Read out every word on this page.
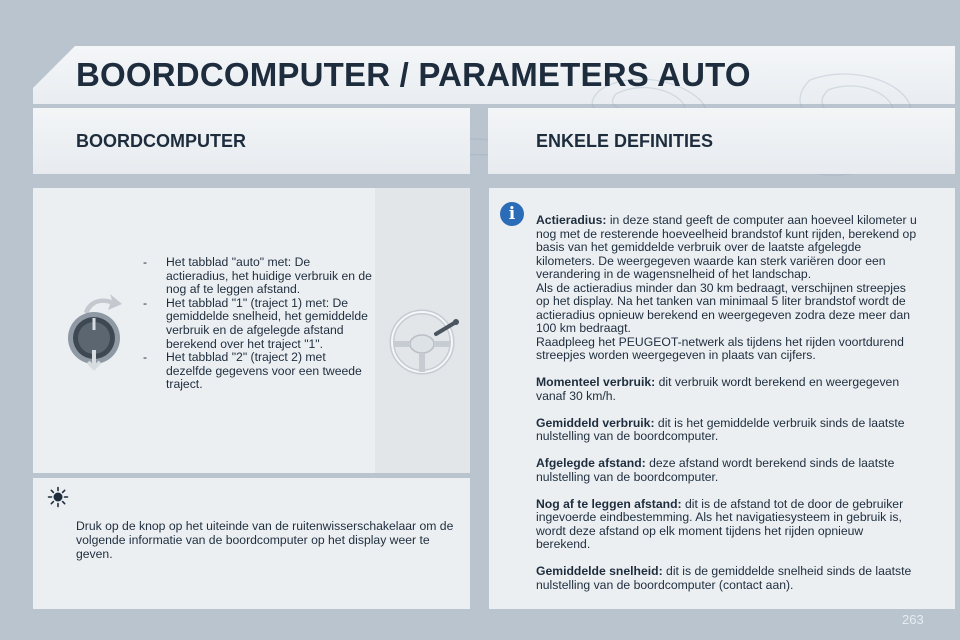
BOORDCOMPUTER / PARAMETERS AUTO
BOORDCOMPUTER	ENKELE DEFINITIES
- Het tabblad "auto" met: De actieradius, het huidige verbruik en de nog af te leggen afstand.
- Het tabblad "1" (traject 1) met: De gemiddelde snelheid, het gemiddelde verbruik en de afgelegde afstand berekend over het traject "1".
- Het tabblad "2" (traject 2) met dezelfde gegevens voor een tweede traject.
Druk op de knop op het uiteinde van de ruitenwisserschakelaar om de volgende informatie van de boordcomputer op het display weer te geven.
i	Actieradius: in deze stand geeft de computer aan hoeveel kilometer u nog met de resterende hoeveelheid brandstof kunt rijden, berekend op basis van het gemiddelde verbruik over de laatste afgelegde kilometers. De weergegeven waarde kan sterk variëren door een verandering in de wagensnelheid of het landschap.
Als de actieradius minder dan 30 km bedraagt, verschijnen streepjes op het display. Na het tanken van minimaal 5 liter brandstof wordt de actieradius opnieuw berekend en weergegeven zodra deze meer dan 100 km bedraagt.
Raadpleeg het PEUGEOT-netwerk als tijdens het rijden voortdurend streepjes worden weergegeven in plaats van cijfers.

Momenteel verbruik: dit verbruik wordt berekend en weergegeven vanaf 30 km/h.

Gemiddeld verbruik: dit is het gemiddelde verbruik sinds de laatste nulstelling van de boordcomputer.

Afgelegde afstand: deze afstand wordt berekend sinds de laatste nulstelling van de boordcomputer.

Nog af te leggen afstand: dit is de afstand tot de door de gebruiker ingevoerde eindbestemming. Als het navigatiesysteem in gebruik is, wordt deze afstand op elk moment tijdens het rijden opnieuw berekend.

Gemiddelde snelheid: dit is de gemiddelde snelheid sinds de laatste nulstelling van de boordcomputer (contact aan).

263
